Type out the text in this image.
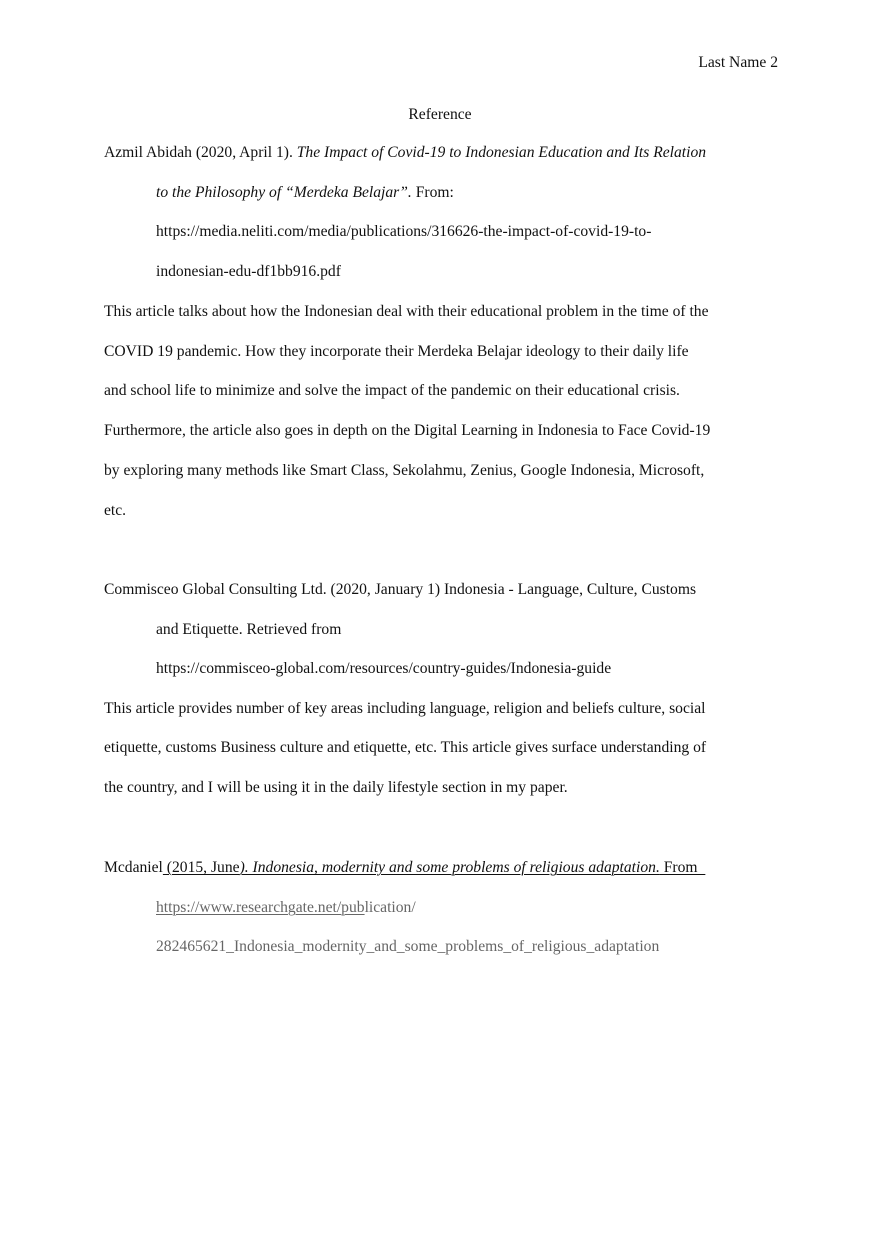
Last Name 2
Reference
Azmil Abidah (2020, April 1). The Impact of Covid-19 to Indonesian Education and Its Relation
to the Philosophy of “Merdeka Belajar”. From:
https://media.neliti.com/media/publications/316626-the-impact-of-covid-19-to-
indonesian-edu-df1bb916.pdf
This article talks about how the Indonesian deal with their educational problem in the time of the
COVID 19 pandemic. How they incorporate their Merdeka Belajar ideology to their daily life
and school life to minimize and solve the impact of the pandemic on their educational crisis.
Furthermore, the article also goes in depth on the Digital Learning in Indonesia to Face Covid-19
by exploring many methods like Smart Class, Sekolahmu, Zenius, Google Indonesia, Microsoft,
etc.
Commisceo Global Consulting Ltd. (2020, January 1) Indonesia - Language, Culture, Customs
and Etiquette. Retrieved from
https://commisceo-global.com/resources/country-guides/Indonesia-guide
This article provides number of key areas including language, religion and beliefs culture, social
etiquette, customs Business culture and etiquette, etc. This article gives surface understanding of
the country, and I will be using it in the daily lifestyle section in my paper.
Mcdaniel (2015, June). Indonesia, modernity and some problems of religious adaptation. From
https://www.researchgate.net/publication/
282465621_Indonesia_modernity_and_some_problems_of_religious_adaptation
